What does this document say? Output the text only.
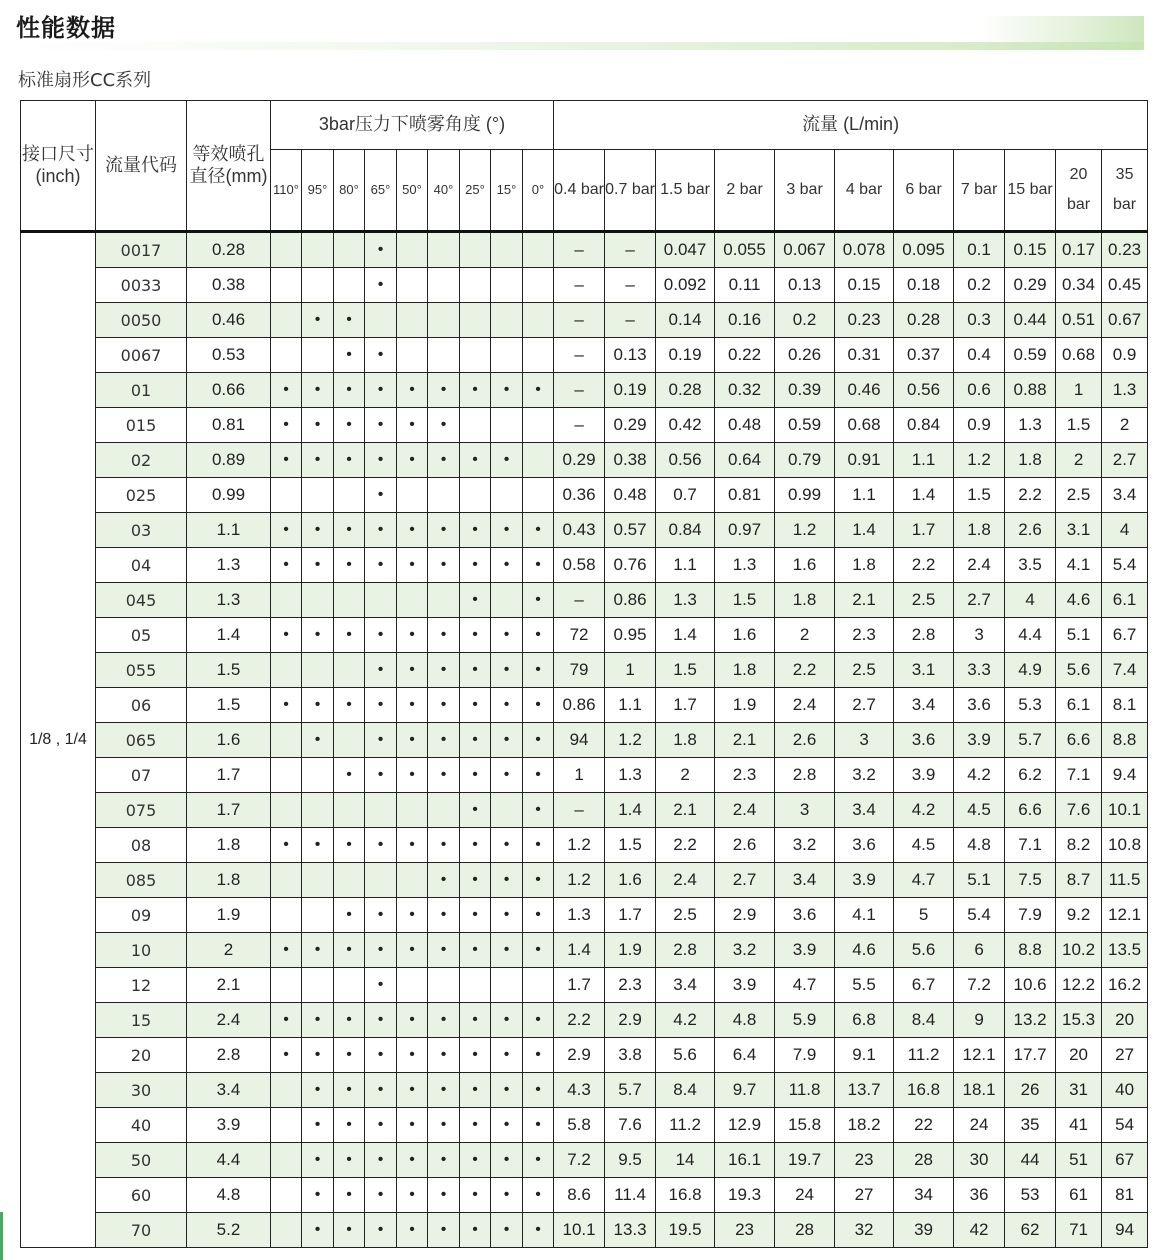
性能数据
标准扇形CC系列
接口尺寸(inch)	流量代码	等效喷孔直径(mm)	3bar压力下喷雾角度 (°)									流量 (L/min)										
			110°	95°	80°	65°	50°	40°	25°	15°	0°	0.4 bar	0.7 bar	1.5 bar	2 bar	3 bar	4 bar	6 bar	7 bar	15 bar	20 bar	35 bar
1/8 , 1/4	0017	0.28				•						–	–	0.047	0.055	0.067	0.078	0.095	0.1	0.15	0.17	0.23
	0033	0.38				•						–	–	0.092	0.11	0.13	0.15	0.18	0.2	0.29	0.34	0.45
	0050	0.46		•	•							–	–	0.14	0.16	0.2	0.23	0.28	0.3	0.44	0.51	0.67
	0067	0.53			•	•						–	0.13	0.19	0.22	0.26	0.31	0.37	0.4	0.59	0.68	0.9
	01	0.66	•	•	•	•	•	•	•	•	•	–	0.19	0.28	0.32	0.39	0.46	0.56	0.6	0.88	1	1.3
	015	0.81	•	•	•	•	•	•				–	0.29	0.42	0.48	0.59	0.68	0.84	0.9	1.3	1.5	2
	02	0.89	•	•	•	•	•	•	•	•		0.29	0.38	0.56	0.64	0.79	0.91	1.1	1.2	1.8	2	2.7
	025	0.99				•						0.36	0.48	0.7	0.81	0.99	1.1	1.4	1.5	2.2	2.5	3.4
	03	1.1	•	•	•	•	•	•	•	•	•	0.43	0.57	0.84	0.97	1.2	1.4	1.7	1.8	2.6	3.1	4
	04	1.3	•	•	•	•	•	•	•	•	•	0.58	0.76	1.1	1.3	1.6	1.8	2.2	2.4	3.5	4.1	5.4
	045	1.3							•		•	–	0.86	1.3	1.5	1.8	2.1	2.5	2.7	4	4.6	6.1
	05	1.4	•	•	•	•	•	•	•	•	•	72	0.95	1.4	1.6	2	2.3	2.8	3	4.4	5.1	6.7
	055	1.5				•	•	•	•	•	•	79	1	1.5	1.8	2.2	2.5	3.1	3.3	4.9	5.6	7.4
	06	1.5	•	•	•	•	•	•	•	•	•	0.86	1.1	1.7	1.9	2.4	2.7	3.4	3.6	5.3	6.1	8.1
	065	1.6		•		•	•	•	•	•	•	94	1.2	1.8	2.1	2.6	3	3.6	3.9	5.7	6.6	8.8
	07	1.7			•	•	•	•	•	•	•	1	1.3	2	2.3	2.8	3.2	3.9	4.2	6.2	7.1	9.4
	075	1.7							•		•	–	1.4	2.1	2.4	3	3.4	4.2	4.5	6.6	7.6	10.1
	08	1.8	•	•	•	•	•	•	•	•	•	1.2	1.5	2.2	2.6	3.2	3.6	4.5	4.8	7.1	8.2	10.8
	085	1.8						•	•	•	•	1.2	1.6	2.4	2.7	3.4	3.9	4.7	5.1	7.5	8.7	11.5
	09	1.9			•	•	•	•	•	•	•	1.3	1.7	2.5	2.9	3.6	4.1	5	5.4	7.9	9.2	12.1
	10	2	•	•	•	•	•	•	•	•	•	1.4	1.9	2.8	3.2	3.9	4.6	5.6	6	8.8	10.2	13.5
	12	2.1				•						1.7	2.3	3.4	3.9	4.7	5.5	6.7	7.2	10.6	12.2	16.2
	15	2.4	•	•	•	•	•	•	•	•	•	2.2	2.9	4.2	4.8	5.9	6.8	8.4	9	13.2	15.3	20
	20	2.8	•	•	•	•	•	•	•	•	•	2.9	3.8	5.6	6.4	7.9	9.1	11.2	12.1	17.7	20	27
	30	3.4		•	•	•	•	•	•	•	•	4.3	5.7	8.4	9.7	11.8	13.7	16.8	18.1	26	31	40
	40	3.9		•	•	•	•	•	•	•	•	5.8	7.6	11.2	12.9	15.8	18.2	22	24	35	41	54
	50	4.4		•	•	•	•	•	•	•	•	7.2	9.5	14	16.1	19.7	23	28	30	44	51	67
	60	4.8		•	•	•	•	•	•	•	•	8.6	11.4	16.8	19.3	24	27	34	36	53	61	81
	70	5.2		•	•	•	•	•	•	•	•	10.1	13.3	19.5	23	28	32	39	42	62	71	94
